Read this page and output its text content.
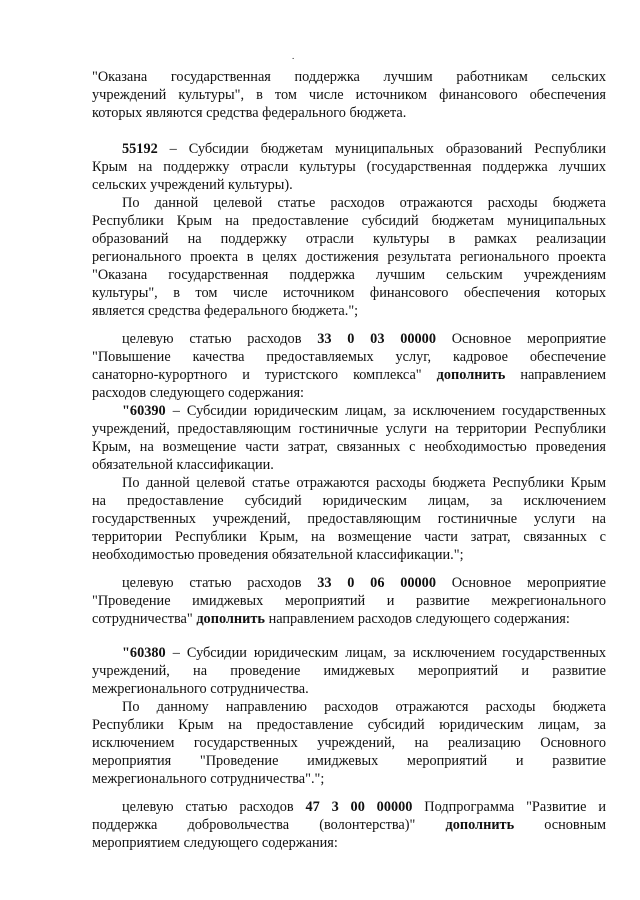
.
"Оказана государственная поддержка лучшим работникам сельских
учреждений культуры", в том числе источником финансового обеспечения
которых являются средства федерального бюджета.
55192 – Субсидии бюджетам муниципальных образований Республики
Крым на поддержку отрасли культуры (государственная поддержка лучших
сельских учреждений культуры).
По данной целевой статье расходов отражаются расходы бюджета
Республики Крым на предоставление субсидий бюджетам муниципальных
образований на поддержку отрасли культуры в рамках реализации
регионального проекта в целях достижения результата регионального проекта
"Оказана государственная поддержка лучшим сельским учреждениям
культуры", в том числе источником финансового обеспечения которых
является средства федерального бюджета.";
целевую статью расходов 33 0 03 00000 Основное мероприятие
"Повышение качества предоставляемых услуг, кадровое обеспечение
санаторно-курортного и туристского комплекса" дополнить направлением
расходов следующего содержания:
"60390 – Субсидии юридическим лицам, за исключением государственных
учреждений, предоставляющим гостиничные услуги на территории Республики
Крым, на возмещение части затрат, связанных с необходимостью проведения
обязательной классификации.
По данной целевой статье отражаются расходы бюджета Республики Крым
на предоставление субсидий юридическим лицам, за исключением
государственных учреждений, предоставляющим гостиничные услуги на
территории Республики Крым, на возмещение части затрат, связанных с
необходимостью проведения обязательной классификации.";
целевую статью расходов 33 0 06 00000 Основное мероприятие
"Проведение имиджевых мероприятий и развитие межрегионального
сотрудничества" дополнить направлением расходов следующего содержания:
"60380 – Субсидии юридическим лицам, за исключением государственных
учреждений, на проведение имиджевых мероприятий и развитие
межрегионального сотрудничества.
По данному направлению расходов отражаются расходы бюджета
Республики Крым на предоставление субсидий юридическим лицам, за
исключением государственных учреждений, на реализацию Основного
мероприятия "Проведение имиджевых мероприятий и развитие
межрегионального сотрудничества".";
целевую статью расходов 47 3 00 00000 Подпрограмма "Развитие и
поддержка добровольчества (волонтерства)" дополнить основным
мероприятием следующего содержания:
